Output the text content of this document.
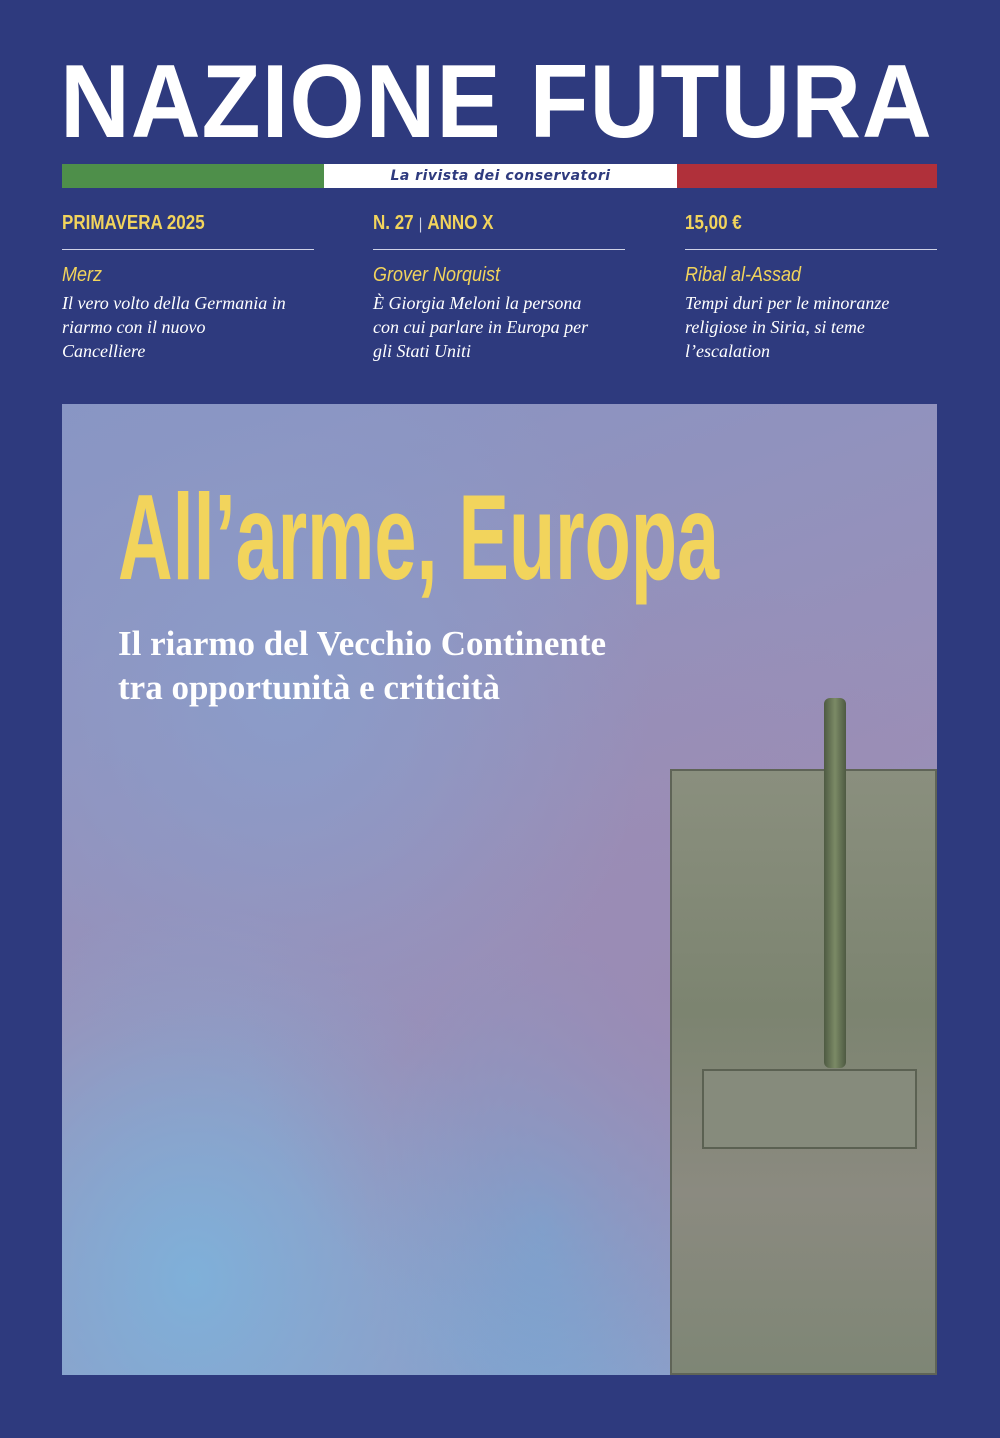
NAZIONE FUTURA
La rivista dei conservatori
PRIMAVERA 2025
Merz
Il vero volto della Germania in riarmo con il nuovo Cancelliere
N. 27 | ANNO X
Grover Norquist
È Giorgia Meloni la persona con cui parlare in Europa per gli Stati Uniti
15,00 €
Ribal al-Assad
Tempi duri per le minoranze religiose in Siria, si teme l’escalation
All’arme, Europa
Il riarmo del Vecchio Continente
tra opportunità e criticità
